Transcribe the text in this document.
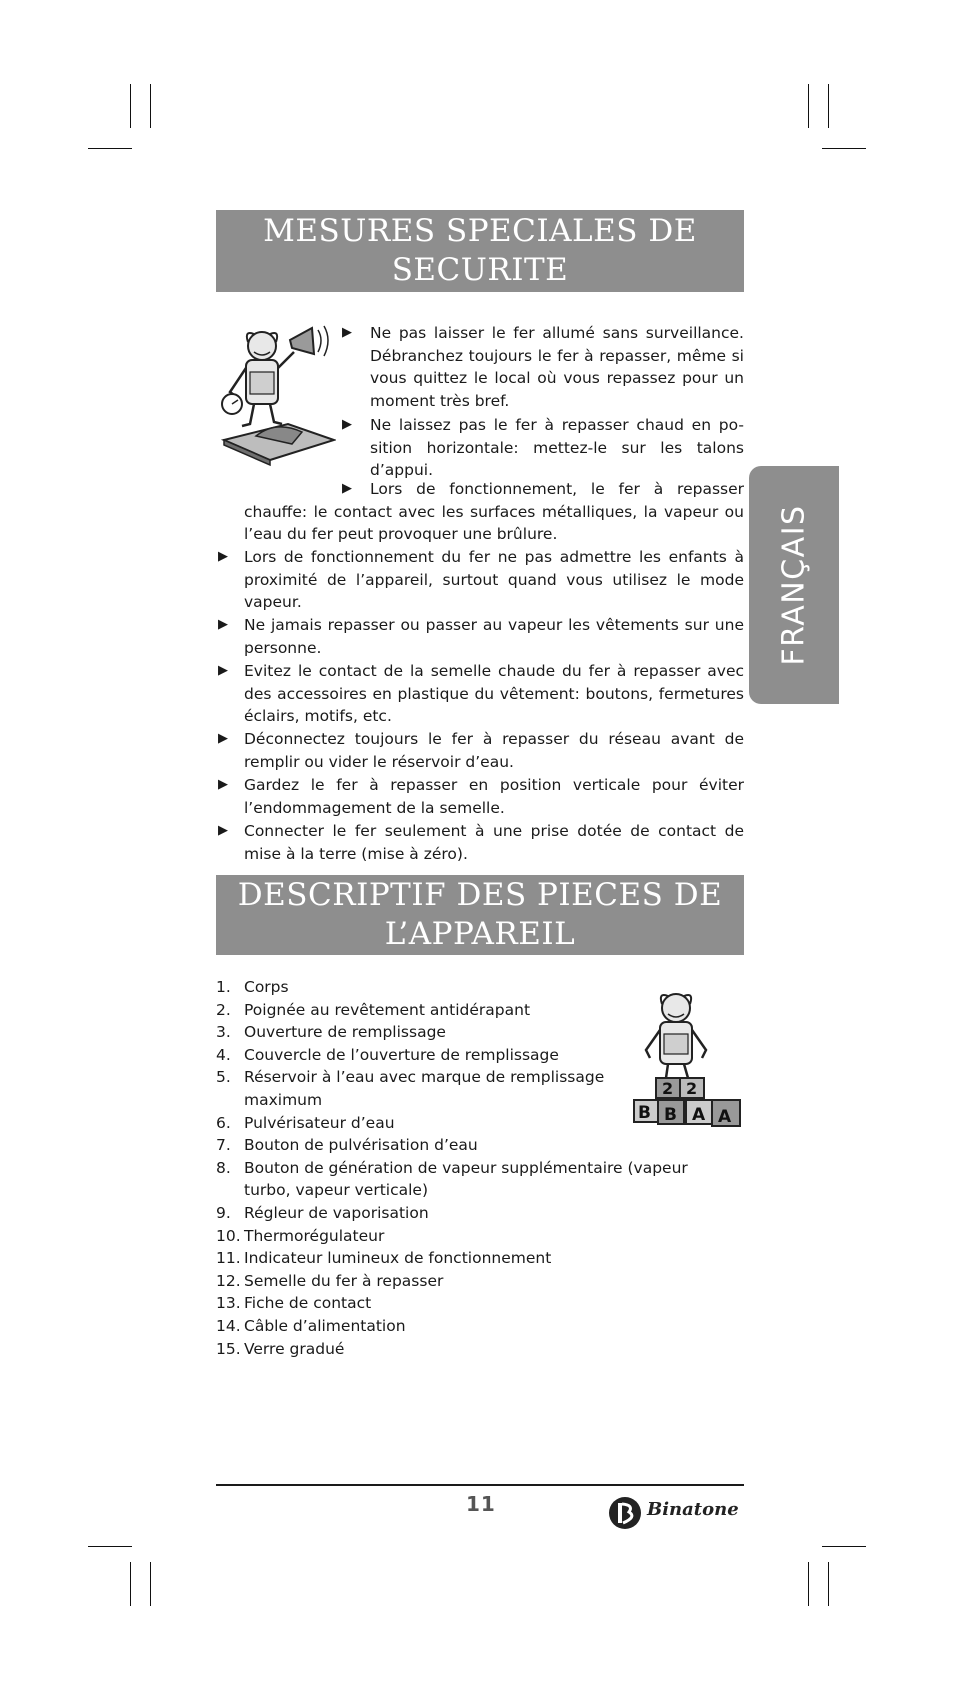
MESURES SPECIALES DE
SECURITE
▶ Ne pas laisser le fer allumé sans surveillance. Débranchez toujours le fer à repasser, même si vous quittez le local où vous repassez pour un moment très bref.
▶ Ne laissez pas le fer à repasser chaud en po-
sition horizontale: mettez-le sur les talons
d’appui.
▶ Lors de fonctionnement, le fer à repasser chauffe: le contact avec les surfaces métalliques, la vapeur ou l’eau du fer peut provoquer une brûlure.
▶ Lors de fonctionnement du fer ne pas admettre les enfants à proximité de l’appareil, surtout quand vous utilisez le mode vapeur.
▶ Ne jamais repasser ou passer au vapeur les vêtements sur une personne.
▶ Evitez le contact de la semelle chaude du fer à repasser avec des accessoires en plastique du vêtement: boutons, fermetures éclairs, motifs, etc.
▶ Déconnectez toujours le fer à repasser du réseau avant de remplir ou vider le réservoir d’eau.
▶ Gardez le fer à repasser en position verticale pour éviter l’endommagement de la semelle.
▶ Connecter le fer seulement à une prise dotée de contact de mise à la terre (mise à zéro).
FRANÇAIS
DESCRIPTIF DES PIECES DE
L’APPAREIL
1. Corps
2. Poignée au revêtement antidérapant
3. Ouverture de remplissage
4. Couvercle de l’ouverture de remplissage
5. Réservoir à l’eau avec marque de remplissage
maximum
6. Pulvérisateur d’eau
7. Bouton de pulvérisation d’eau
8. Bouton de génération de vapeur supplémentaire (vapeur
turbo, vapeur verticale)
9. Régleur de vaporisation
10. Thermorégulateur
11. Indicateur lumineux de fonctionnement
12. Semelle du fer à repasser
13. Fiche de contact
14. Câble d’alimentation
15. Verre gradué
2 2
B B A A
11	Binatone
